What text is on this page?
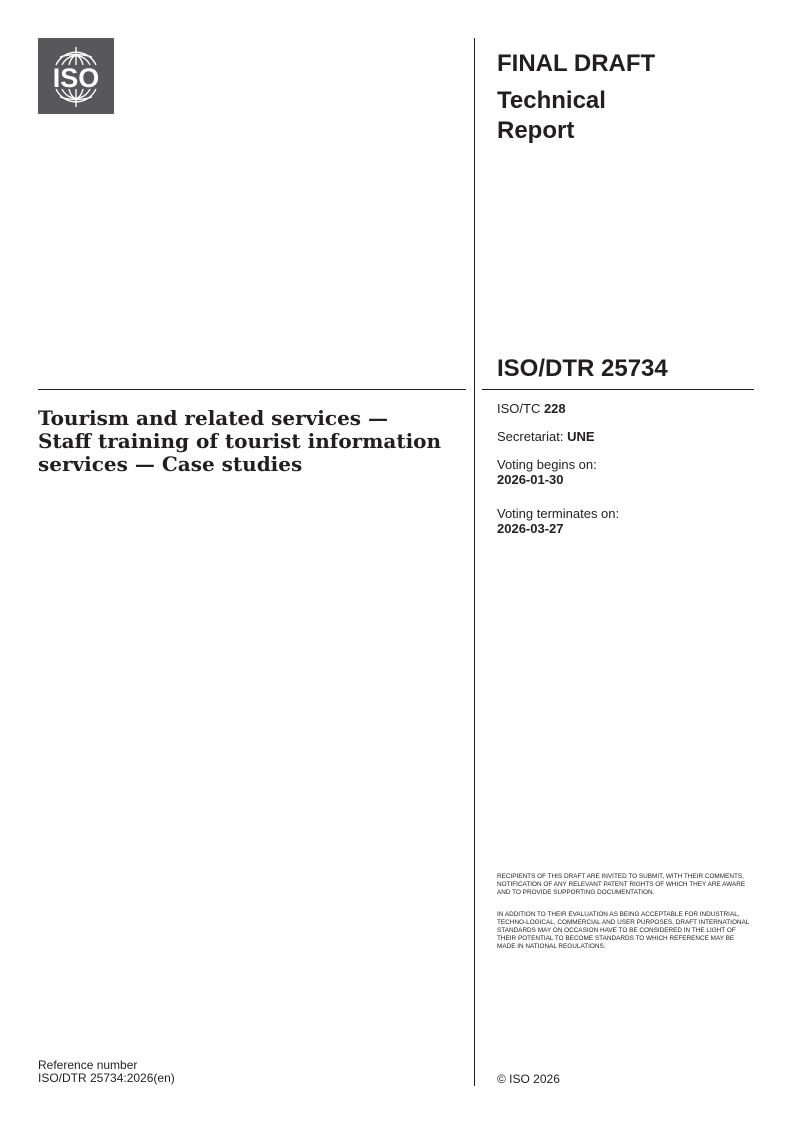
ISO	FINAL DRAFT
Technical
Report
ISO/DTR 25734
Tourism and related services —
Staff training of tourist information
services — Case studies
ISO/TC 228
Secretariat: UNE
Voting begins on:
2026-01-30
Voting terminates on:
2026-03-27
RECIPIENTS OF THIS DRAFT ARE INVITED TO SUBMIT, WITH THEIR COMMENTS, NOTIFICATION OF ANY RELEVANT PATENT RIGHTS OF WHICH THEY ARE AWARE AND TO PROVIDE SUPPORTING DOCUMENTATION.
IN ADDITION TO THEIR EVALUATION AS BEING ACCEPTABLE FOR INDUSTRIAL, TECHNO-LOGICAL, COMMERCIAL AND USER PURPOSES, DRAFT INTERNATIONAL STANDARDS MAY ON OCCASION HAVE TO BE CONSIDERED IN THE LIGHT OF THEIR POTENTIAL TO BECOME STANDARDS TO WHICH REFERENCE MAY BE MADE IN NATIONAL REGULATIONS.
Reference number
ISO/DTR 25734:2026(en)	© ISO 2026
